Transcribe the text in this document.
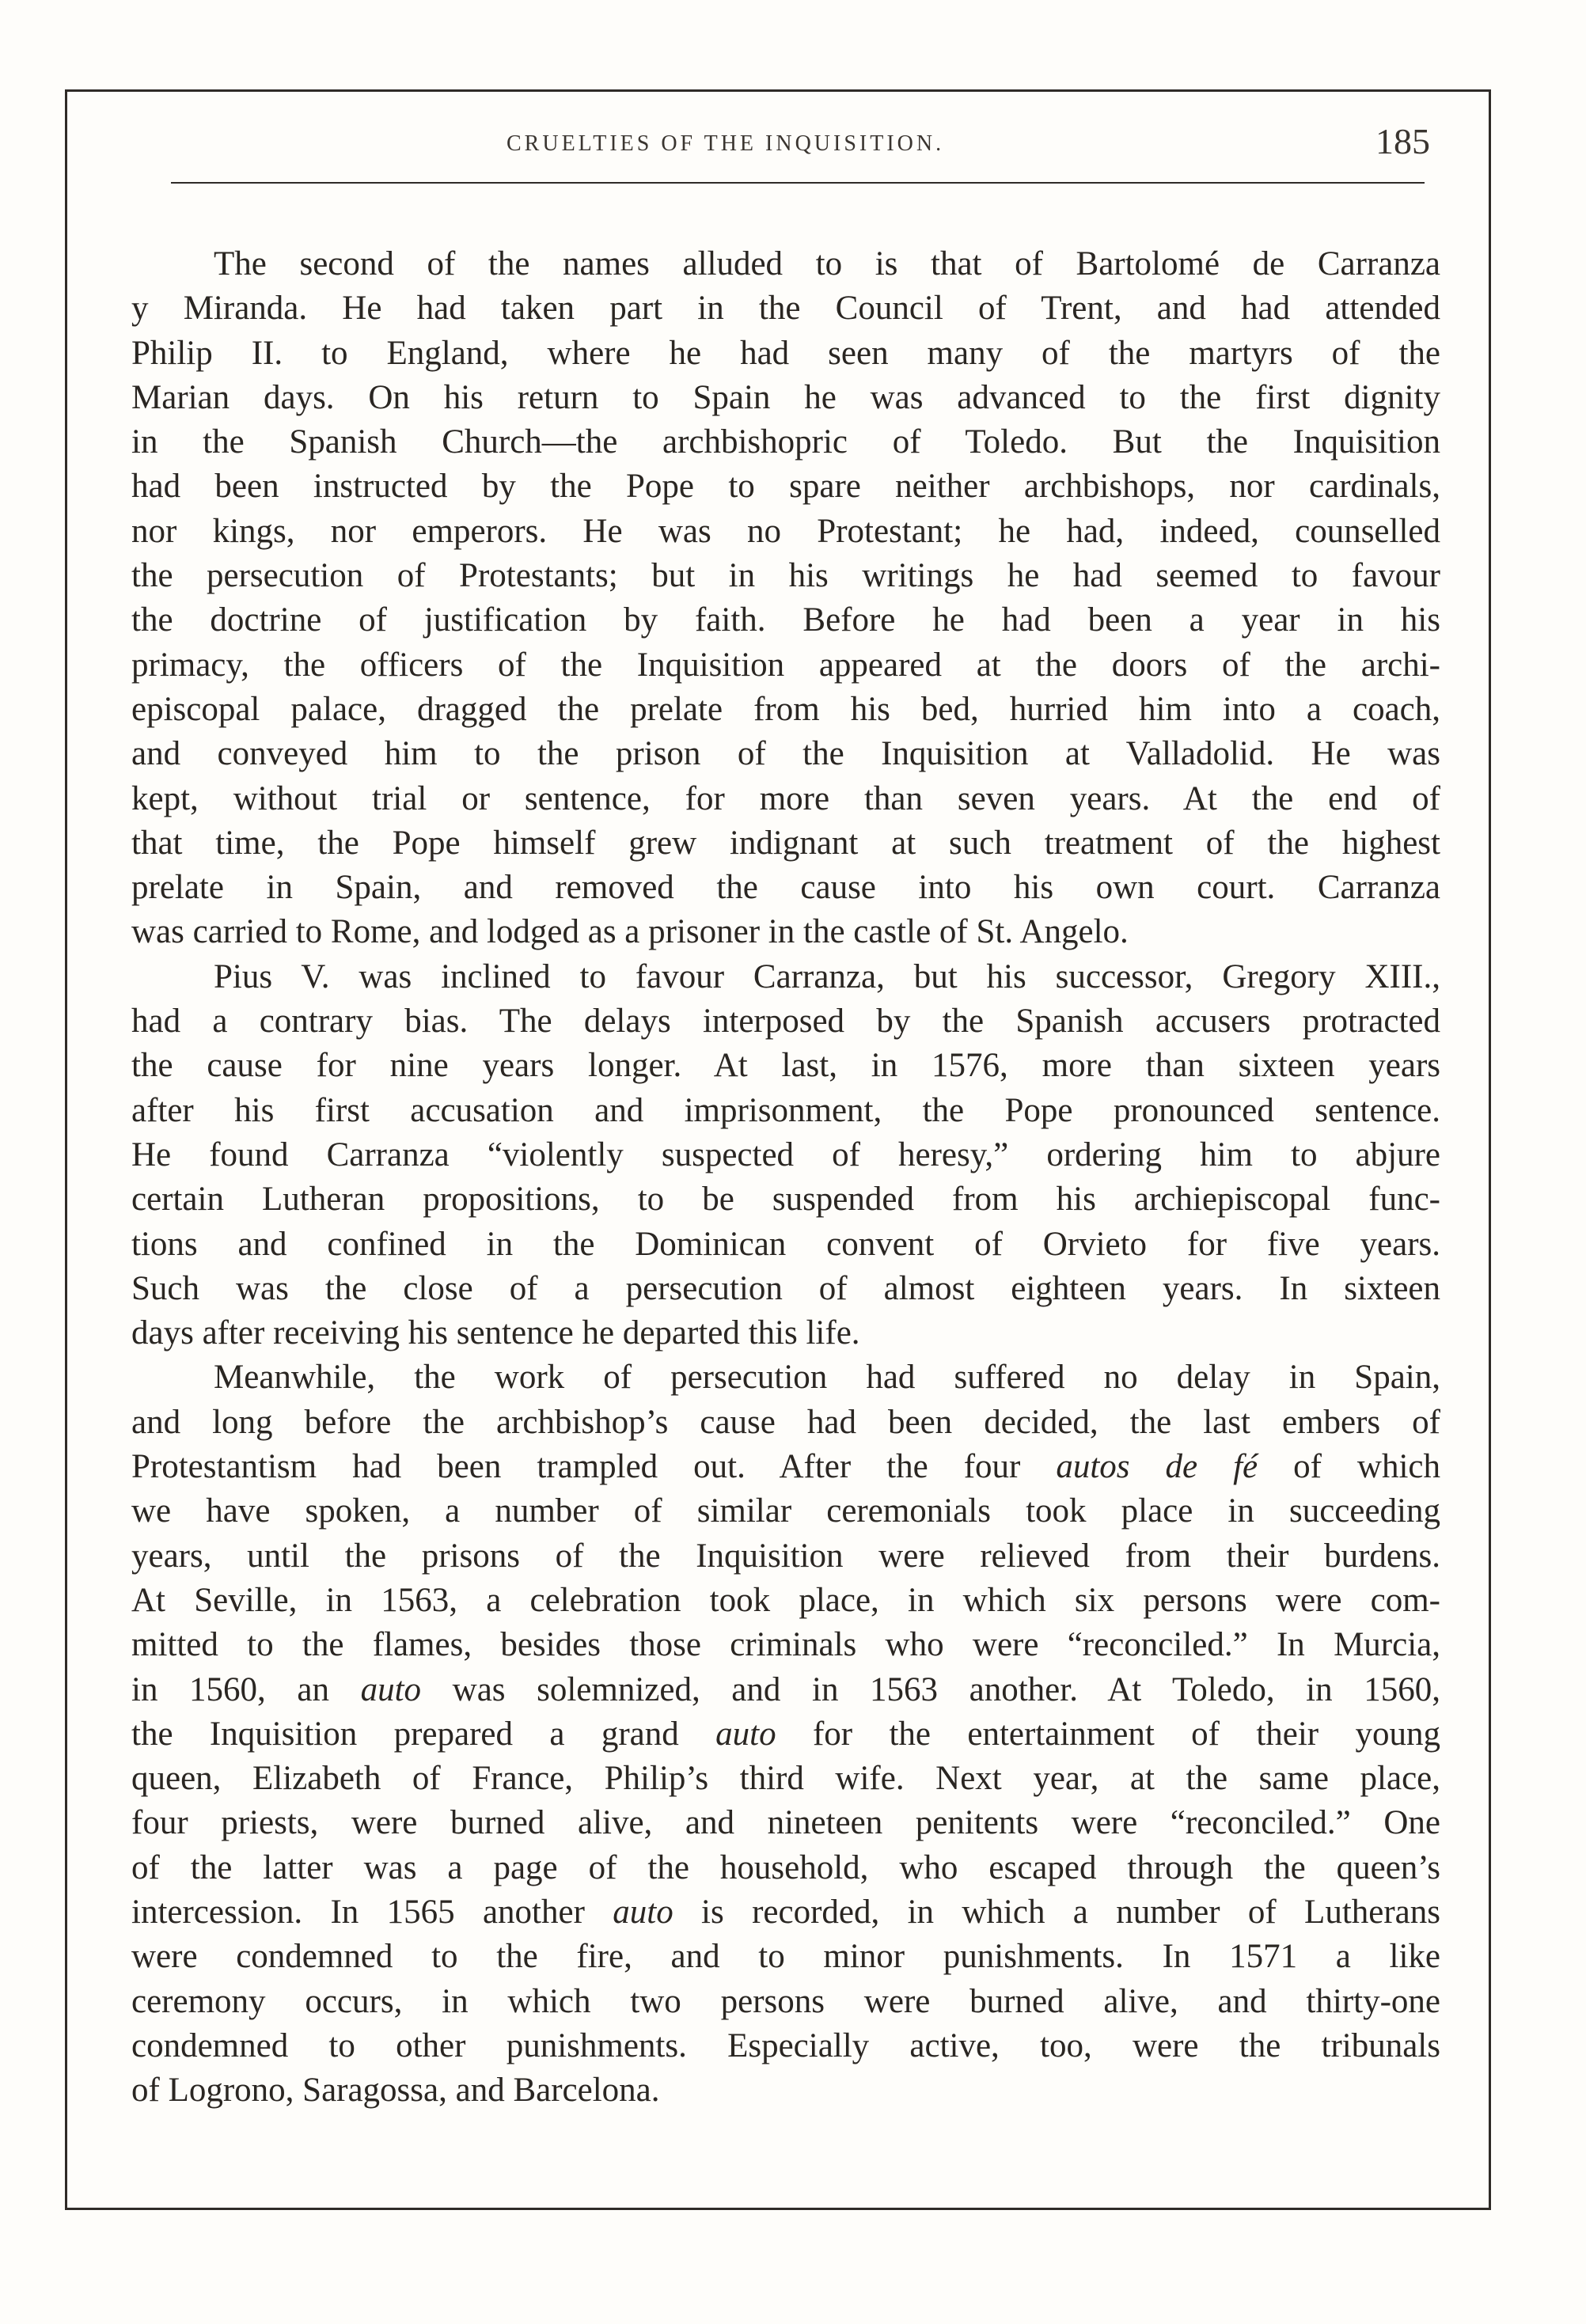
CRUELTIES OF THE INQUISITION.	185
The second of the names alluded to is that of Bartolomé de Carranza
y Miranda. He had taken part in the Council of Trent, and had attended
Philip II. to England, where he had seen many of the martyrs of the
Marian days. On his return to Spain he was advanced to the first dignity
in the Spanish Church—the archbishopric of Toledo. But the Inquisition
had been instructed by the Pope to spare neither archbishops, nor cardinals,
nor kings, nor emperors. He was no Protestant; he had, indeed, counselled
the persecution of Protestants; but in his writings he had seemed to favour
the doctrine of justification by faith. Before he had been a year in his
primacy, the officers of the Inquisition appeared at the doors of the archi-
episcopal palace, dragged the prelate from his bed, hurried him into a coach,
and conveyed him to the prison of the Inquisition at Valladolid. He was
kept, without trial or sentence, for more than seven years. At the end of
that time, the Pope himself grew indignant at such treatment of the highest
prelate in Spain, and removed the cause into his own court. Carranza
was carried to Rome, and lodged as a prisoner in the castle of St. Angelo.
Pius V. was inclined to favour Carranza, but his successor, Gregory XIII.,
had a contrary bias. The delays interposed by the Spanish accusers protracted
the cause for nine years longer. At last, in 1576, more than sixteen years
after his first accusation and imprisonment, the Pope pronounced sentence.
He found Carranza “violently suspected of heresy,” ordering him to abjure
certain Lutheran propositions, to be suspended from his archiepiscopal func-
tions and confined in the Dominican convent of Orvieto for five years.
Such was the close of a persecution of almost eighteen years. In sixteen
days after receiving his sentence he departed this life.
Meanwhile, the work of persecution had suffered no delay in Spain,
and long before the archbishop’s cause had been decided, the last embers of
Protestantism had been trampled out. After the four autos de fé of which
we have spoken, a number of similar ceremonials took place in succeeding
years, until the prisons of the Inquisition were relieved from their burdens.
At Seville, in 1563, a celebration took place, in which six persons were com-
mitted to the flames, besides those criminals who were “reconciled.” In Murcia,
in 1560, an auto was solemnized, and in 1563 another. At Toledo, in 1560,
the Inquisition prepared a grand auto for the entertainment of their young
queen, Elizabeth of France, Philip’s third wife. Next year, at the same place,
four priests, were burned alive, and nineteen penitents were “reconciled.” One
of the latter was a page of the household, who escaped through the queen’s
intercession. In 1565 another auto is recorded, in which a number of Lutherans
were condemned to the fire, and to minor punishments. In 1571 a like
ceremony occurs, in which two persons were burned alive, and thirty-one
condemned to other punishments. Especially active, too, were the tribunals
of Logrono, Saragossa, and Barcelona.
